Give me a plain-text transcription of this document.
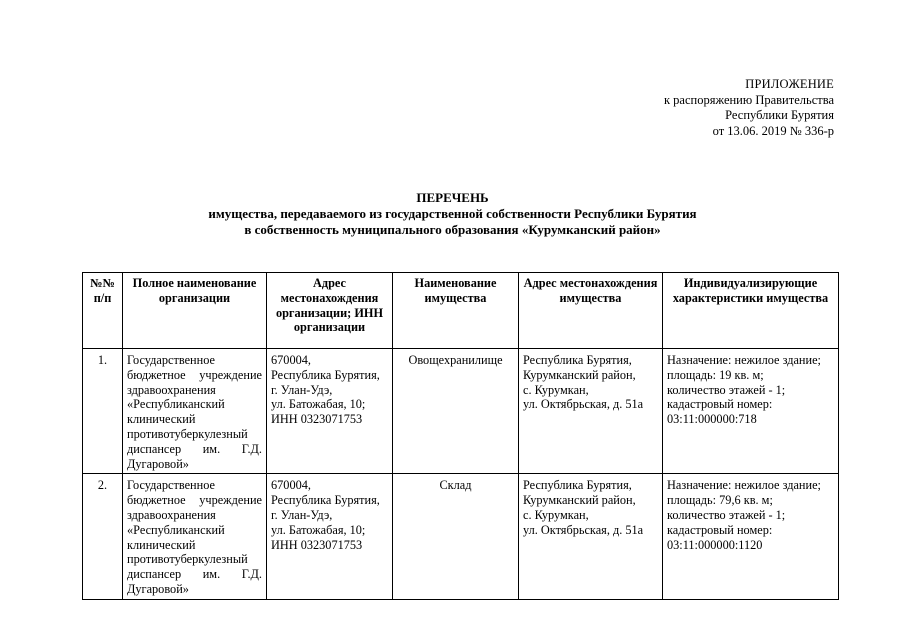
ПРИЛОЖЕНИЕ
к распоряжению Правительства
Республики Бурятия
от 13.06. 2019 № 336-р
ПЕРЕЧЕНЬ
имущества, передаваемого из государственной собственности Республики Бурятия
в собственность муниципального образования «Курумканский район»
№№ п/п	Полное наименование организации	Адрес местонахождения организации; ИНН организации	Наименование имущества	Адрес местонахождения имущества	Индивидуализирующие характеристики имущества
1.	Государственное бюджетное учреждение здравоохранения «Республиканский клинический противотуберкулезный диспансер им. Г.Д. Дугаровой»	670004,
Республика Бурятия,
г. Улан-Удэ,
ул. Батожабая, 10;
ИНН 0323071753	Овощехранилище	Республика Бурятия,
Курумканский район,
с. Курумкан,
ул. Октябрьская, д. 51а	Назначение: нежилое здание;
площадь: 19 кв. м;
количество этажей - 1;
кадастровый номер:
03:11:000000:718

2.	Государственное бюджетное учреждение здравоохранения «Республиканский клинический противотуберкулезный диспансер им. Г.Д. Дугаровой»	670004,
Республика Бурятия,
г. Улан-Удэ,
ул. Батожабая, 10;
ИНН 0323071753	Склад	Республика Бурятия,
Курумканский район,
с. Курумкан,
ул. Октябрьская, д. 51а	Назначение: нежилое здание;
площадь: 79,6 кв. м;
количество этажей - 1;
кадастровый номер:
03:11:000000:1120
